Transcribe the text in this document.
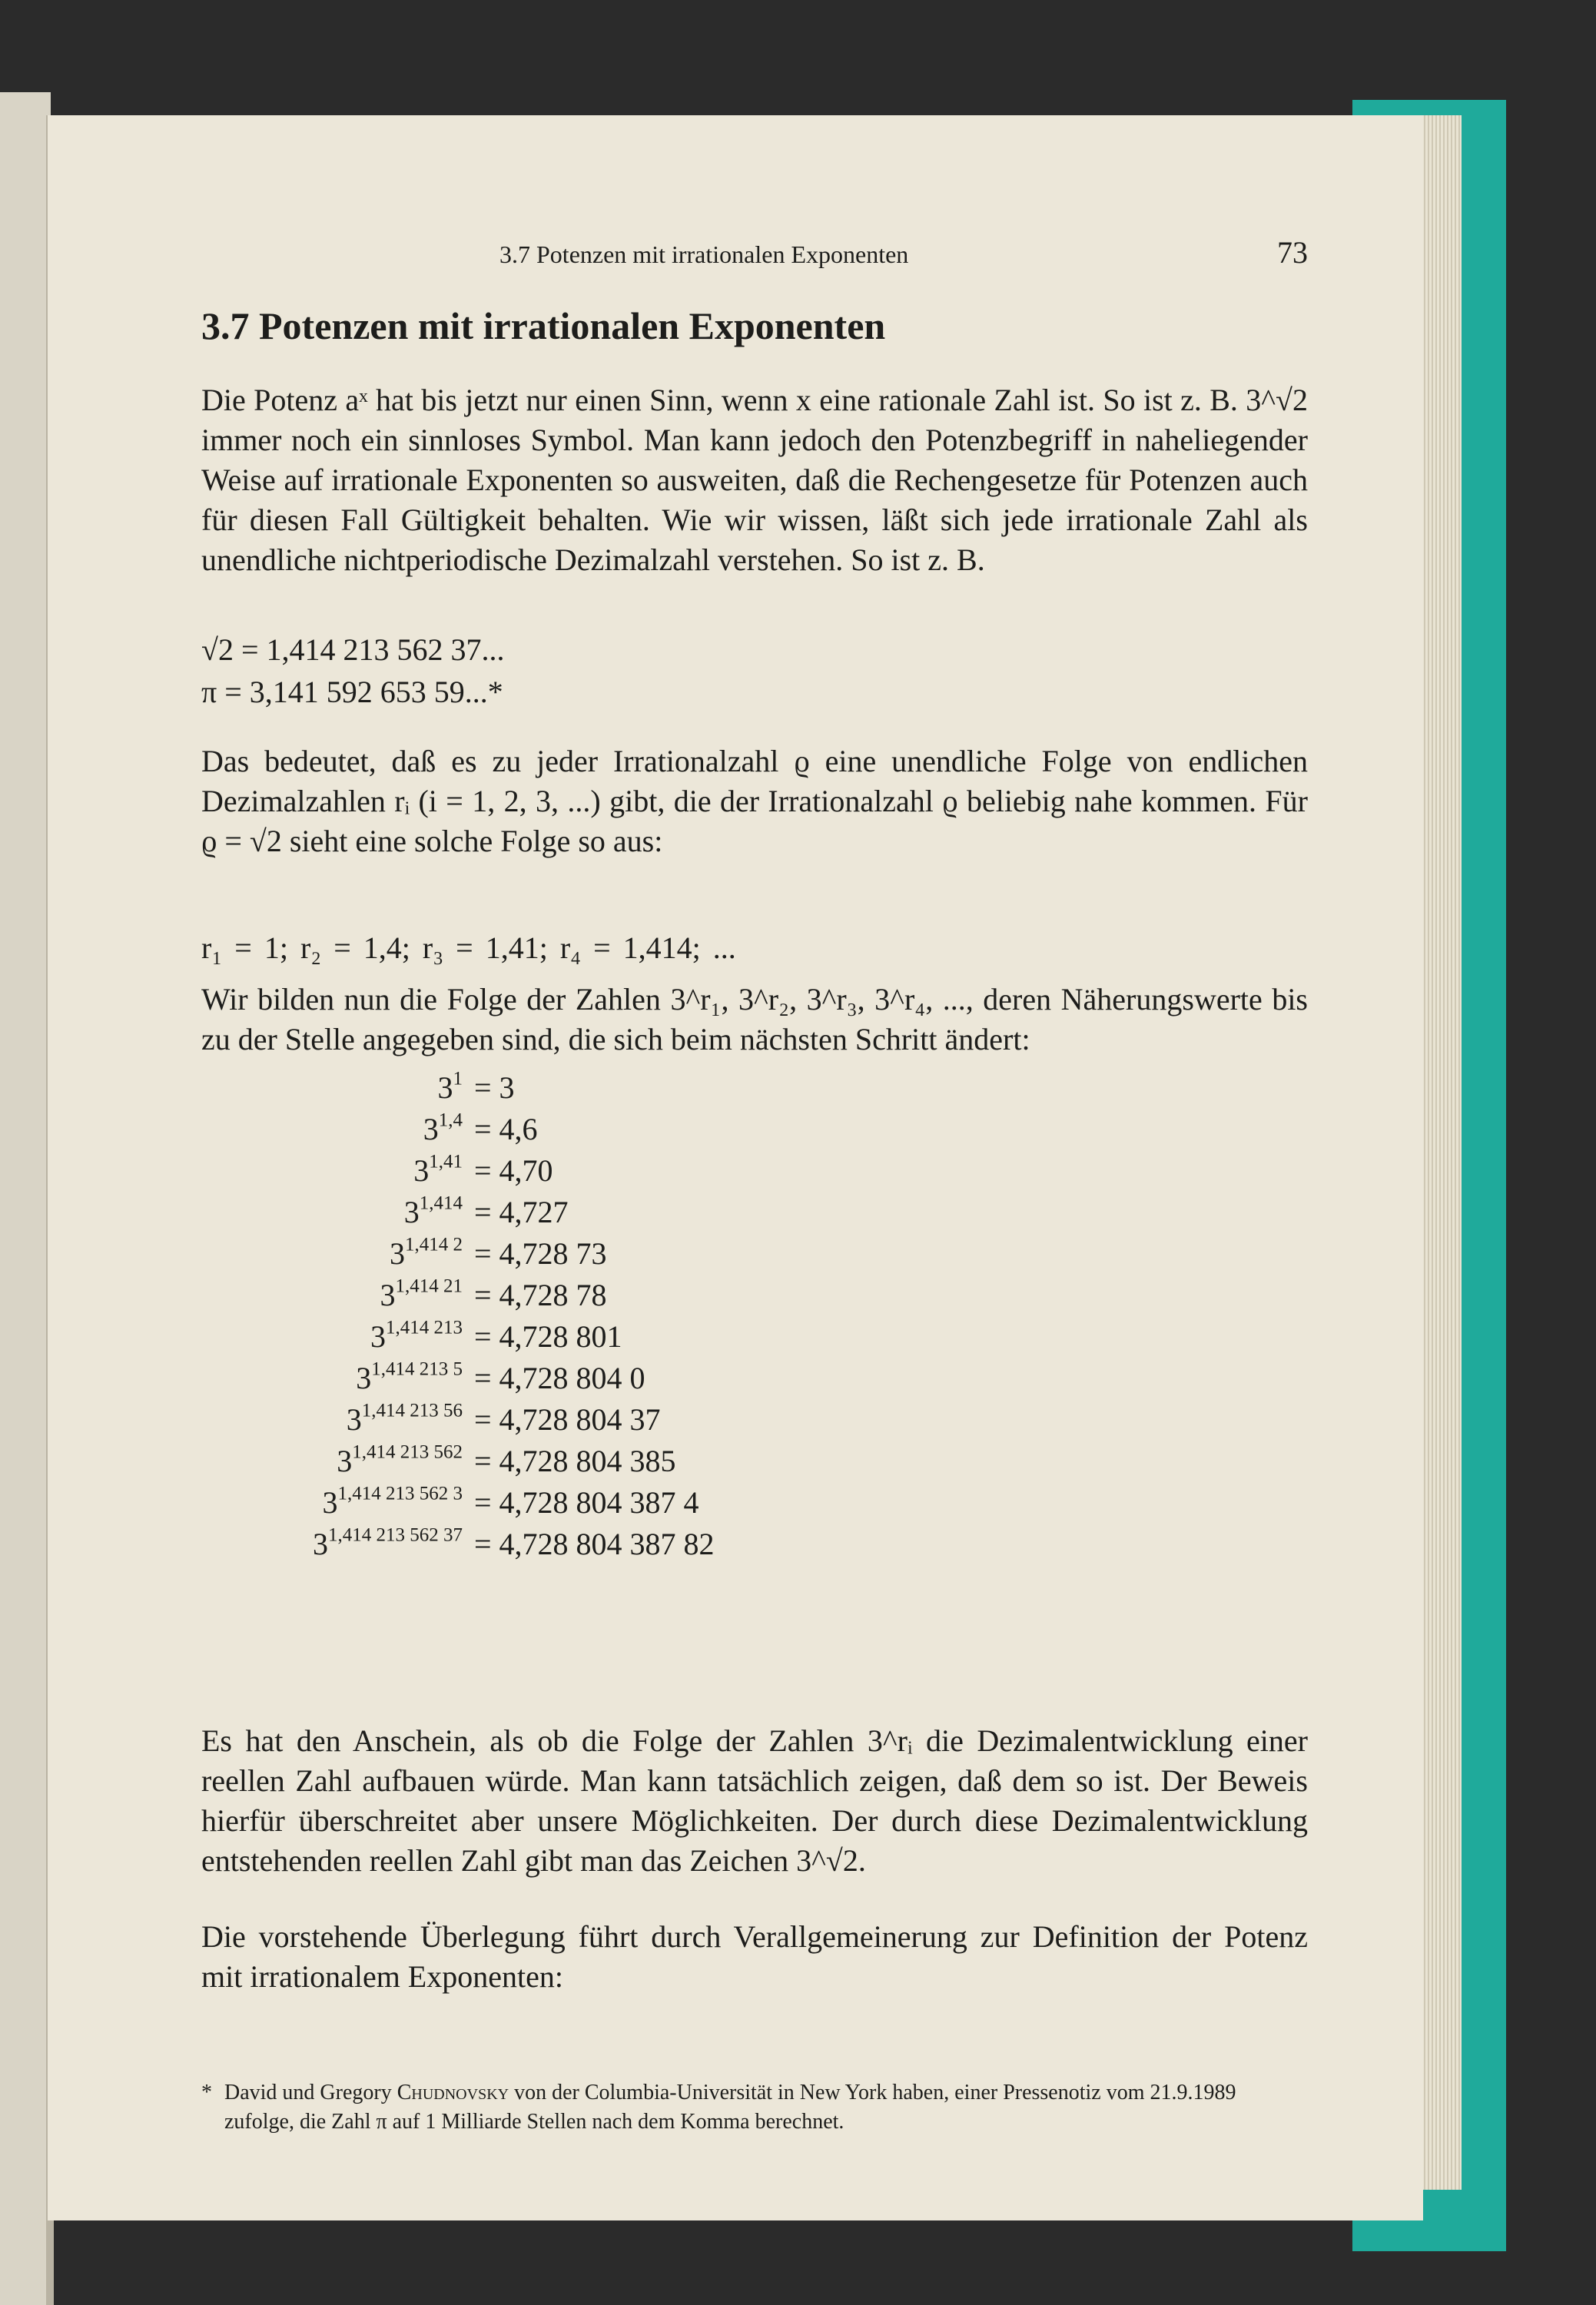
3.7 Potenzen mit irrationalen Exponenten	73
3.7 Potenzen mit irrationalen Exponenten
Die Potenz aˣ hat bis jetzt nur einen Sinn, wenn x eine rationale Zahl ist. So ist z. B. 3^√2 immer noch ein sinnloses Symbol. Man kann jedoch den Potenzbegriff in naheliegender Weise auf irrationale Exponenten so ausweiten, daß die Rechengesetze für Potenzen auch für diesen Fall Gültigkeit behalten. Wie wir wissen, läßt sich jede irrationale Zahl als unendliche nichtperiodische Dezimalzahl verstehen. So ist z. B.
√2 = 1,414 213 562 37...
π = 3,141 592 653 59...*
Das bedeutet, daß es zu jeder Irrationalzahl ϱ eine unendliche Folge von endlichen Dezimalzahlen rᵢ (i = 1, 2, 3, ...) gibt, die der Irrationalzahl ϱ beliebig nahe kommen. Für ϱ = √2 sieht eine solche Folge so aus:
r₁ = 1; r₂ = 1,4; r₃ = 1,41; r₄ = 1,414; ...
Wir bilden nun die Folge der Zahlen 3^r₁, 3^r₂, 3^r₃, 3^r₄, ..., deren Näherungswerte bis zu der Stelle angegeben sind, die sich beim nächsten Schritt ändert:
$3^1 = 3$
$3^{1,4} = 4,6$
$3^{1,41} = 4,70$
$3^{1,414} = 4,727$
$3^{1,414 2} = 4,728$ 73
$3^{1,414 21} = 4,728$ 78
$3^{1,414 213} = 4,728$ 801
$3^{1,414 213 5} = 4,728$ 804 0
$3^{1,414 213 56} = 4,728$ 804 37
$3^{1,414 213 562} = 4,728$ 804 385
$3^{1,414 213 562 3} = 4,728$ 804 387 4
$3^{1,414 213 562 37} = 4,728$ 804 387 82
Es hat den Anschein, als ob die Folge der Zahlen 3^rᵢ die Dezimalentwicklung einer reellen Zahl aufbauen würde. Man kann tatsächlich zeigen, daß dem so ist. Der Beweis hierfür überschreitet aber unsere Möglichkeiten. Der durch diese Dezimalentwicklung entstehenden reellen Zahl gibt man das Zeichen 3^√2.
Die vorstehende Überlegung führt durch Verallgemeinerung zur Definition der Potenz mit irrationalem Exponenten:
* David und Gregory Chudnovsky von der Columbia-Universität in New York haben, einer Pressenotiz vom 21.9.1989 zufolge, die Zahl π auf 1 Milliarde Stellen nach dem Komma berechnet.
